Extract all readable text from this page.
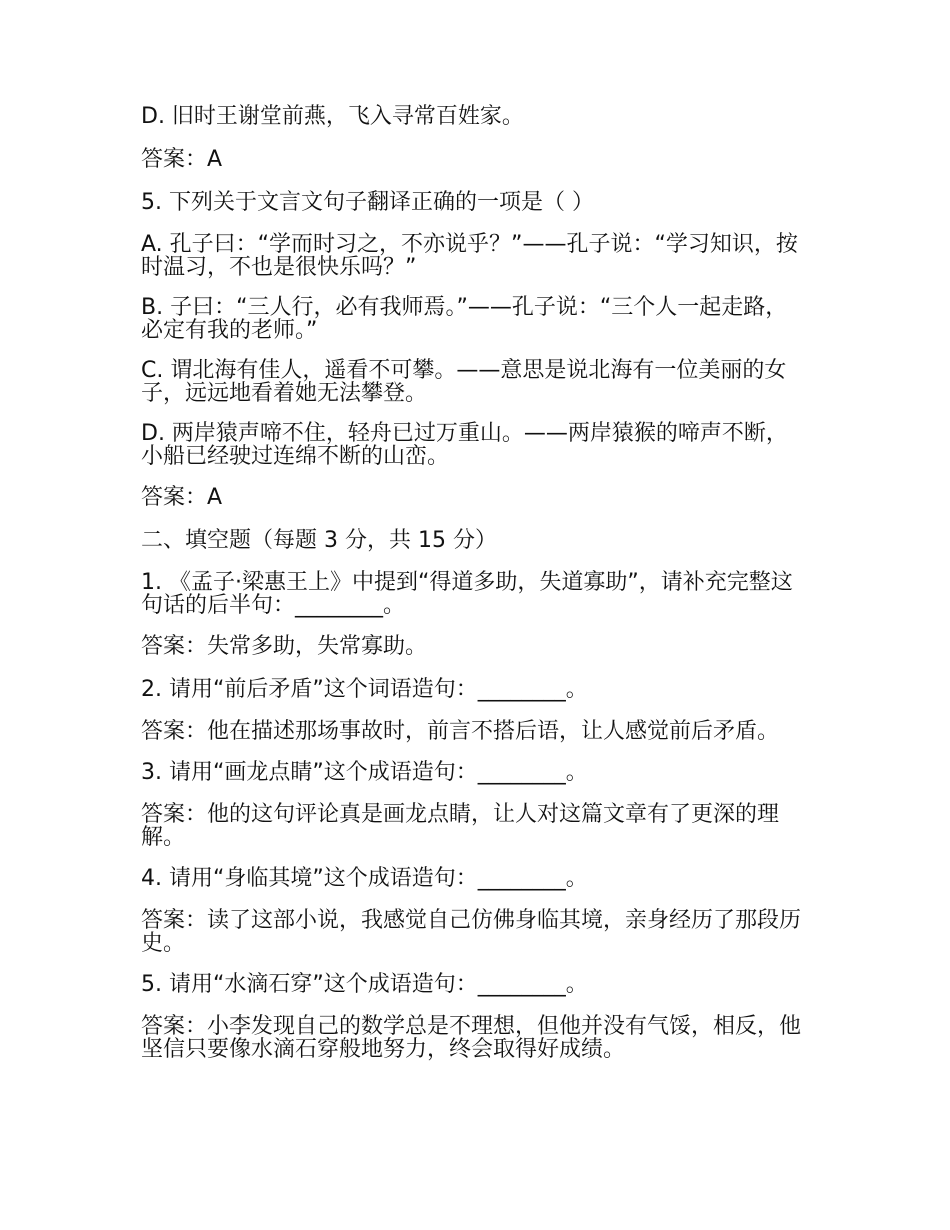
D. 旧时王谢堂前燕，飞入寻常百姓家。

答案：A

5. 下列关于文言文句子翻译正确的一项是（ ）

A. 孔子曰：“学而时习之，不亦说乎？”——孔子说：“学习知识，按时温习，不也是很快乐吗？”

B. 子曰：“三人行，必有我师焉。”——孔子说：“三个人一起走路，必定有我的老师。”

C. 谓北海有佳人，遥看不可攀。——意思是说北海有一位美丽的女子，远远地看着她无法攀登。

D. 两岸猿声啼不住，轻舟已过万重山。——两岸猿猴的啼声不断，小船已经驶过连绵不断的山峦。

答案：A

二、填空题（每题 3 分，共 15 分）

1. 《孟子·梁惠王上》中提到“得道多助，失道寡助”，请补充完整这句话的后半句：________。

答案：失常多助，失常寡助。

2. 请用“前后矛盾”这个词语造句：________。

答案：他在描述那场事故时，前言不搭后语，让人感觉前后矛盾。

3. 请用“画龙点睛”这个成语造句：________。

答案：他的这句评论真是画龙点睛，让人对这篇文章有了更深的理解。

4. 请用“身临其境”这个成语造句：________。

答案：读了这部小说，我感觉自己仿佛身临其境，亲身经历了那段历史。

5. 请用“水滴石穿”这个成语造句：________。

答案：小李发现自己的数学总是不理想，但他并没有气馁，相反，他坚信只要像水滴石穿般地努力，终会取得好成绩。
